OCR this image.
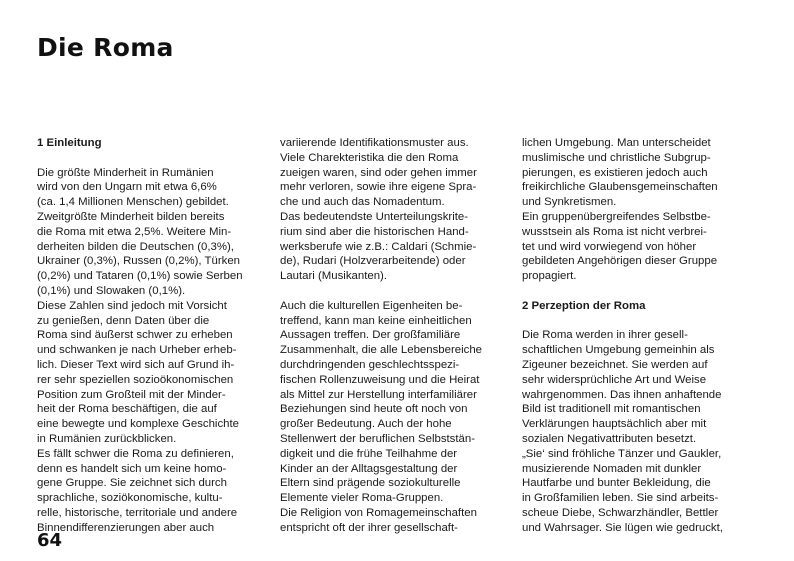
Die Roma
1 Einleitung
Die größte Minderheit in Rumänien
wird von den Ungarn mit etwa 6,6%
(ca. 1,4 Millionen Menschen) gebildet.
Zweitgrößte Minderheit bilden bereits
die Roma mit etwa 2,5%. Weitere Min-
derheiten bilden die Deutschen (0,3%),
Ukrainer (0,3%), Russen (0,2%), Türken
(0,2%) und Tataren (0,1%) sowie Serben
(0,1%) und Slowaken (0,1%).
Diese Zahlen sind jedoch mit Vorsicht
zu genießen, denn Daten über die
Roma sind äußerst schwer zu erheben
und schwanken je nach Urheber erheb-
lich. Dieser Text wird sich auf Grund ih-
rer sehr speziellen sozioökonomischen
Position zum Großteil mit der Minder-
heit der Roma beschäftigen, die auf
eine bewegte und komplexe Geschichte
in Rumänien zurückblicken.
Es fällt schwer die Roma zu definieren,
denn es handelt sich um keine homo-
gene Gruppe. Sie zeichnet sich durch
sprachliche, soziökonomische, kultu-
relle, historische, territoriale und andere
Binnendifferenzierungen aber auch
variierende Identifikationsmuster aus.
Viele Charekteristika die den Roma
zueigen waren, sind oder gehen immer
mehr verloren, sowie ihre eigene Spra-
che und auch das Nomadentum.
Das bedeutendste Unterteilungskrite-
rium sind aber die historischen Hand-
werksberufe wie z.B.: Caldari (Schmie-
de), Rudari (Holzverarbeitende) oder
Lautari (Musikanten).
Auch die kulturellen Eigenheiten be-
treffend, kann man keine einheitlichen
Aussagen treffen. Der großfamiliäre
Zusammenhalt, die alle Lebensbereiche
durchdringenden geschlechtsspezi-
fischen Rollenzuweisung und die Heirat
als Mittel zur Herstellung interfamiliärer
Beziehungen sind heute oft noch von
großer Bedeutung. Auch der hohe
Stellenwert der beruflichen Selbststän-
digkeit und die frühe Teilhahme der
Kinder an der Alltagsgestaltung der
Eltern sind prägende soziokulturelle
Elemente vieler Roma-Gruppen.
Die Religion von Romagemeinschaften
entspricht oft der ihrer gesellschaft-
lichen Umgebung. Man unterscheidet
muslimische und christliche Subgrup-
pierungen, es existieren jedoch auch
freikirchliche Glaubensgemeinschaften
und Synkretismen.
Ein gruppenübergreifendes Selbstbe-
wusstsein als Roma ist nicht verbrei-
tet und wird vorwiegend von höher
gebildeten Angehörigen dieser Gruppe
propagiert.
2 Perzeption der Roma
Die Roma werden in ihrer gesell-
schaftlichen Umgebung gemeinhin als
Zigeuner bezeichnet. Sie werden auf
sehr widersprüchliche Art und Weise
wahrgenommen. Das ihnen anhaftende
Bild ist traditionell mit romantischen
Verklärungen hauptsächlich aber mit
sozialen Negativattributen besetzt.
„Sie‘ sind fröhliche Tänzer und Gaukler,
musizierende Nomaden mit dunkler
Hautfarbe und bunter Bekleidung, die
in Großfamilien leben. Sie sind arbeits-
scheue Diebe, Schwarzhändler, Bettler
und Wahrsager. Sie lügen wie gedruckt,
64
